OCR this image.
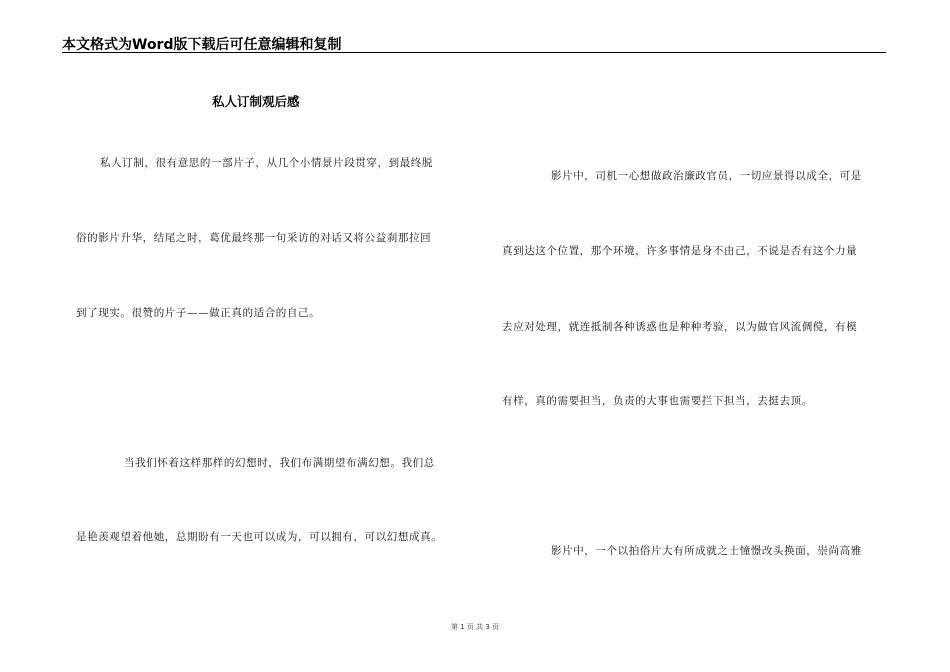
本文格式为Word版下载后可任意编辑和复制
私人订制观后感
私人订制，很有意思的一部片子，从几个小情景片段贯穿，到最终脱
俗的影片升华，结尾之时，葛优最终那一句采访的对话又将公益刹那拉回
到了现实。很赞的片子——做正真的适合的自己。
当我们怀着这样那样的幻想时，我们布满期望布满幻想。我们总
是艳羡观望着他她，总期盼有一天也可以成为，可以拥有，可以幻想成真。
影片中，司机一心想做政治廉政官员，一切应景得以成全，可是
真到达这个位置，那个环境，许多事情是身不由己，不说是否有这个力量
去应对处理，就连抵制各种诱惑也是种种考验，以为做官风流倜傥，有模
有样，真的需要担当，负责的大事也需要拦下担当，去挺去顶。
影片中，一个以拍俗片大有所成就之士憧憬改头换面，崇尚高雅
第 1 页 共 3 页
